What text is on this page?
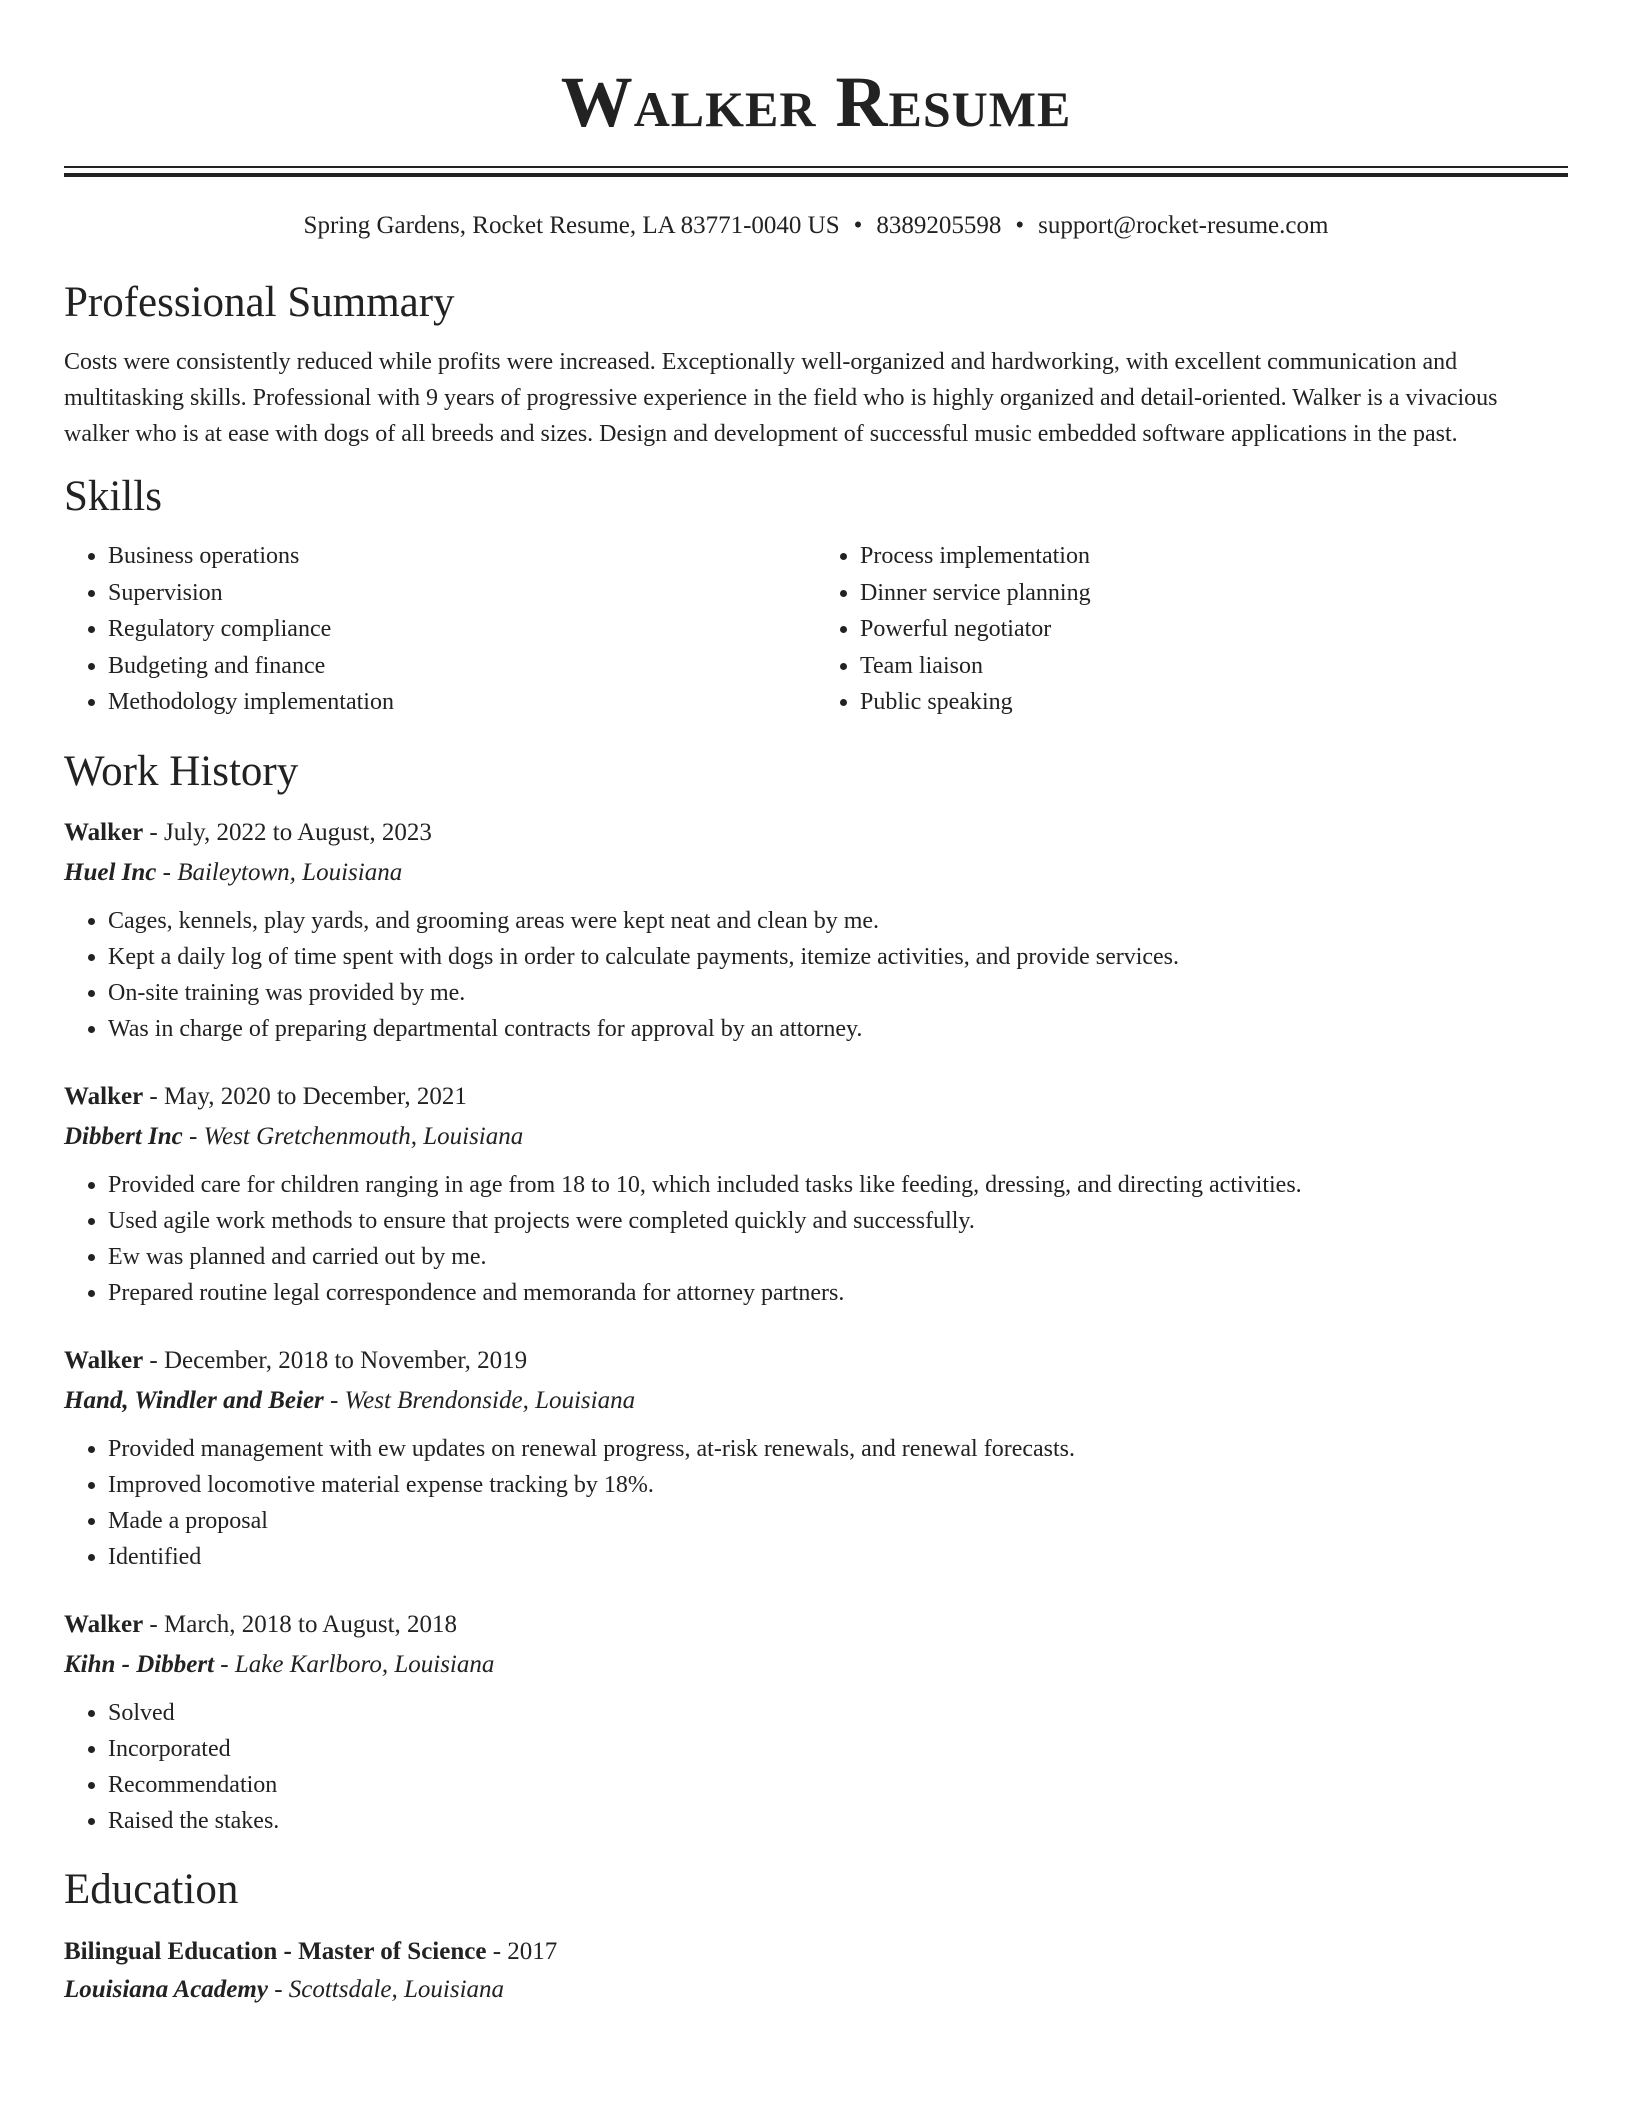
Walker Resume
Spring Gardens, Rocket Resume, LA 83771-0040 US • 8389205598 • support@rocket-resume.com
Professional Summary

Costs were consistently reduced while profits were increased. Exceptionally well-organized and hardworking, with excellent communication and multitasking skills. Professional with 9 years of progressive experience in the field who is highly organized and detail-oriented. Walker is a vivacious walker who is at ease with dogs of all breeds and sizes. Design and development of successful music embedded software applications in the past.

Skills
• Business operations
• Supervision
• Regulatory compliance
• Budgeting and finance
• Methodology implementation
• Process implementation
• Dinner service planning
• Powerful negotiator
• Team liaison
• Public speaking
Work History
Walker - July, 2022 to August, 2023
Huel Inc - Baileytown, Louisiana
• Cages, kennels, play yards, and grooming areas were kept neat and clean by me.
• Kept a daily log of time spent with dogs in order to calculate payments, itemize activities, and provide services.
• On-site training was provided by me.
• Was in charge of preparing departmental contracts for approval by an attorney.
Walker - May, 2020 to December, 2021
Dibbert Inc - West Gretchenmouth, Louisiana
• Provided care for children ranging in age from 18 to 10, which included tasks like feeding, dressing, and directing activities.
• Used agile work methods to ensure that projects were completed quickly and successfully.
• Ew was planned and carried out by me.
• Prepared routine legal correspondence and memoranda for attorney partners.
Walker - December, 2018 to November, 2019
Hand, Windler and Beier - West Brendonside, Louisiana
• Provided management with ew updates on renewal progress, at-risk renewals, and renewal forecasts.
• Improved locomotive material expense tracking by 18%.
• Made a proposal
• Identified
Walker - March, 2018 to August, 2018
Kihn - Dibbert - Lake Karlboro, Louisiana
• Solved
• Incorporated
• Recommendation
• Raised the stakes.
Education
Bilingual Education - Master of Science - 2017
Louisiana Academy - Scottsdale, Louisiana
